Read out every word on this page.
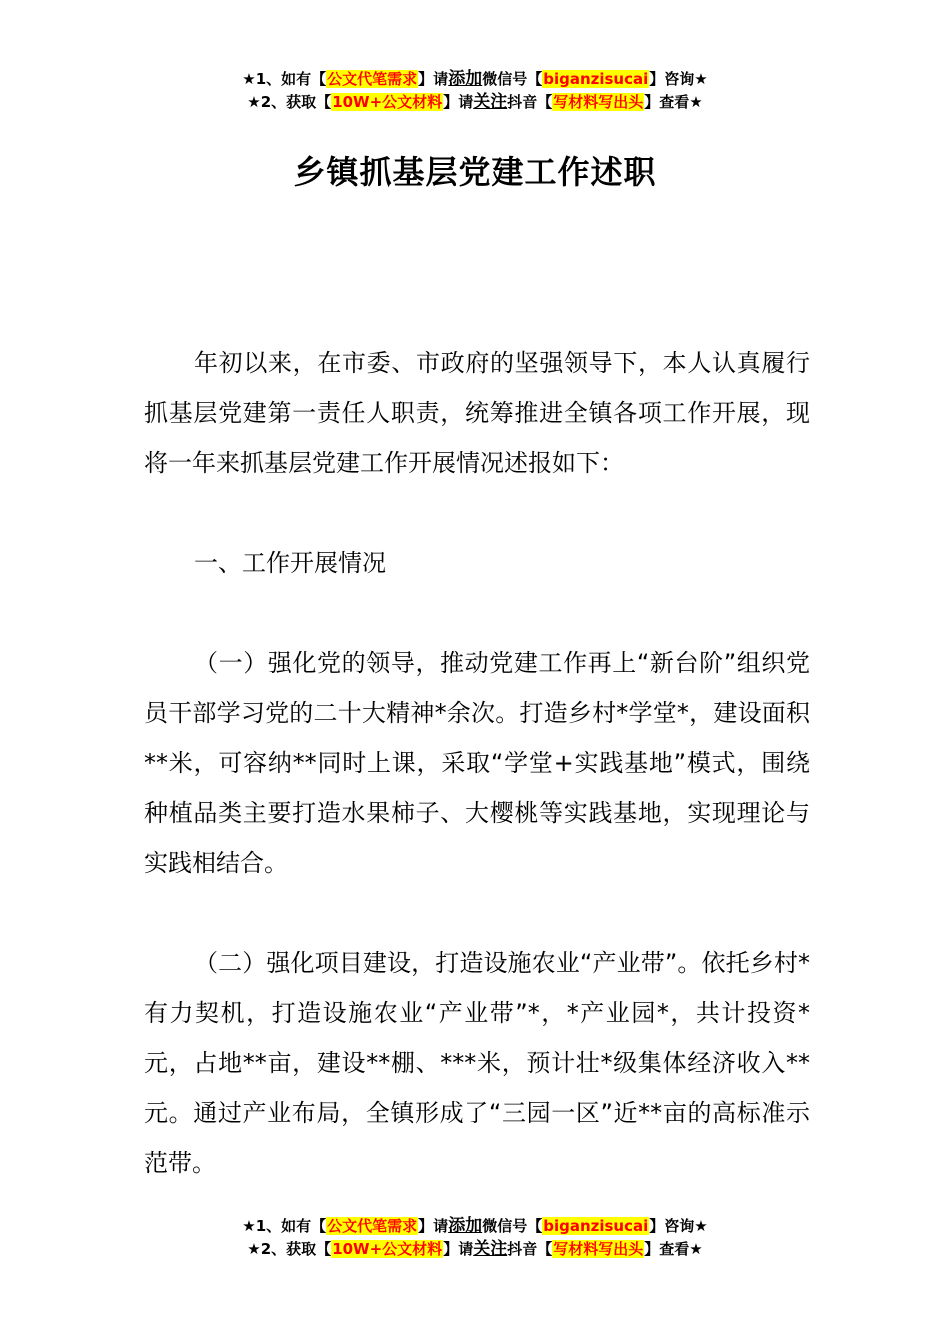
★1、如有【公文代笔需求】请添加微信号【biganzisucai】咨询★
★2、获取【10W+公文材料】请关注抖音【写材料写出头】查看★
乡镇抓基层党建工作述职

年初以来，在市委、市政府的坚强领导下，本人认真履行抓基层党建第一责任人职责，统筹推进全镇各项工作开展，现将一年来抓基层党建工作开展情况述报如下：

一、工作开展情况

（一）强化党的领导，推动党建工作再上“新台阶”组织党员干部学习党的二十大精神*余次。打造乡村*学堂*，建设面积**米，可容纳**同时上课，采取“学堂+实践基地”模式，围绕种植品类主要打造水果柿子、大樱桃等实践基地，实现理论与实践相结合。

（二）强化项目建设，打造设施农业“产业带”。依托乡村*有力契机，打造设施农业“产业带”*，*产业园*，共计投资*元，占地**亩，建设**棚、***米，预计壮*级集体经济收入**元。通过产业布局，全镇形成了“三园一区”近**亩的高标准示范带。

★1、如有【公文代笔需求】请添加微信号【biganzisucai】咨询★
★2、获取【10W+公文材料】请关注抖音【写材料写出头】查看★
